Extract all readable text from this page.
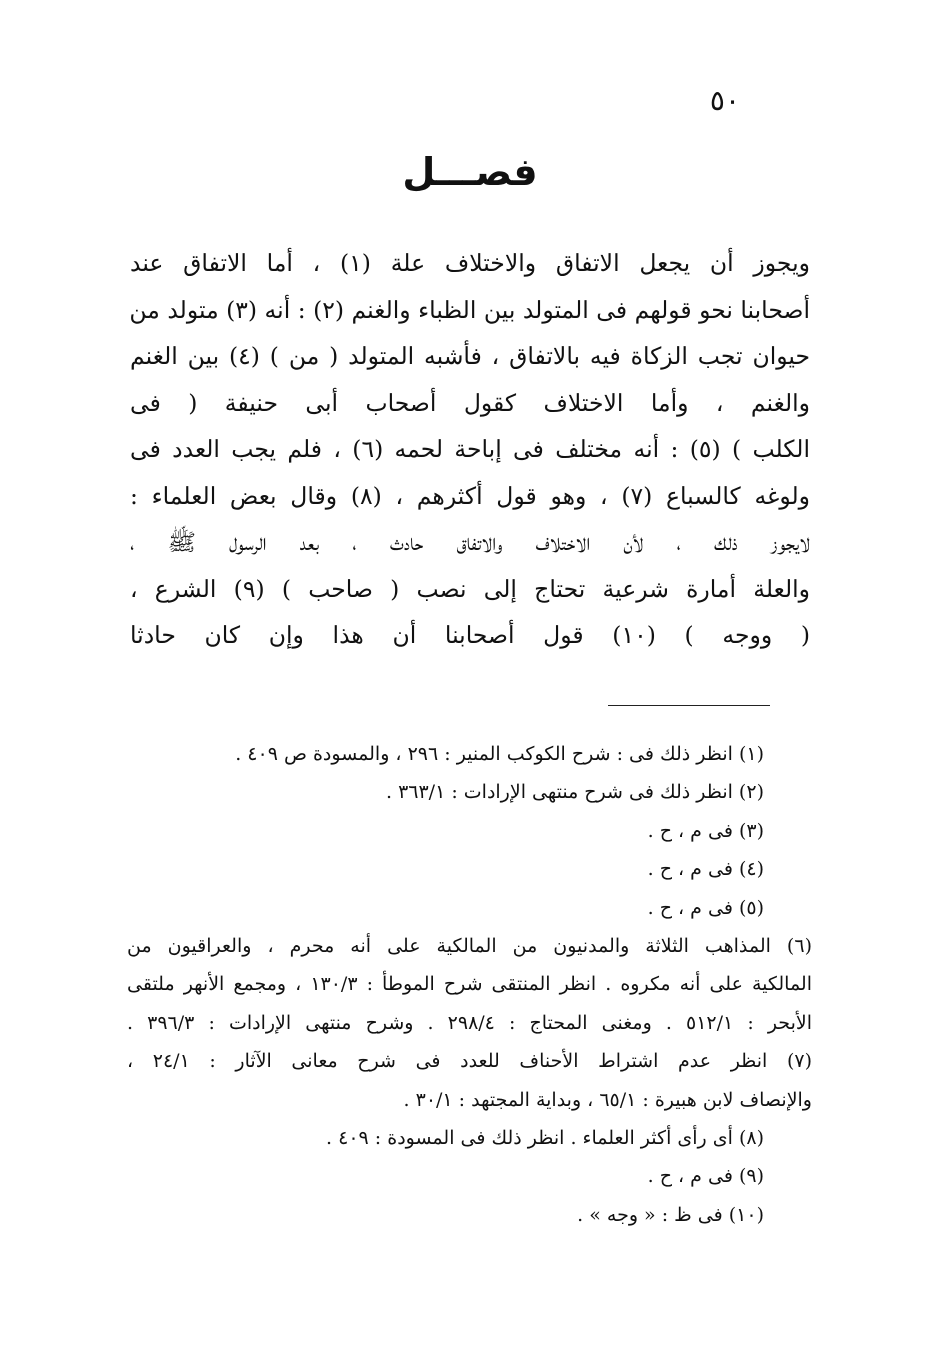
٥٠
فصـــل
ويجوز أن يجعل الاتفاق والاختلاف علة (١) ، أما الاتفاق عند
أصحابنا نحو قولهم فى المتولد بين الظباء والغنم (٢) : أنه (٣) متولد من
حيوان تجب الزكاة فيه بالاتفاق ، فأشبه المتولد ( من ) (٤) بين الغنم
والغنم ، وأما الاختلاف كقول أصحاب أبى حنيفة ( فى
الكلب ) (٥) : أنه مختلف فى إباحة لحمه (٦) ، فلم يجب العدد فى
ولوغه كالسباع (٧) ، وهو قول أكثرهم ، (٨) وقال بعض العلماء :
لايجوز ذلك ، لأن الاختلاف والاتفاق حادث ، بعد الرسول ﷺ ،
والعلة أمارة شرعية تحتاج إلى نصب ( صاحب ) (٩) الشرع ،
( ووجه ) (١٠) قول أصحابنا أن هذا وإن كان حادثا
(١) انظر ذلك فى : شرح الكوكب المنير : ٢٩٦ ، والمسودة ص ٤٠٩ .
(٢) انظر ذلك فى شرح منتهى الإرادات : ٣٦٣/١ .
(٣) فى م ، ح .
(٤) فى م ، ح .
(٥) فى م ، ح .
(٦) المذاهب الثلاثة والمدنيون من المالكية على أنه محرم ، والعراقيون من
المالكية على أنه مكروه . انظر المنتقى شرح الموطأ : ١٣٠/٣ ، ومجمع الأنهر ملتقى
الأبحر : ٥١٢/١ . ومغنى المحتاج : ٢٩٨/٤ . وشرح منتهى الإرادات : ٣٩٦/٣ .
(٧) انظر عدم اشتراط الأحناف للعدد فى شرح معانى الآثار : ٢٤/١ ،
والإنصاف لابن هبيرة : ٦٥/١ ، وبداية المجتهد : ٣٠/١ .
(٨) أى رأى أكثر العلماء . انظر ذلك فى المسودة : ٤٠٩ .
(٩) فى م ، ح .
(١٠) فى ظ : « وجه » .
